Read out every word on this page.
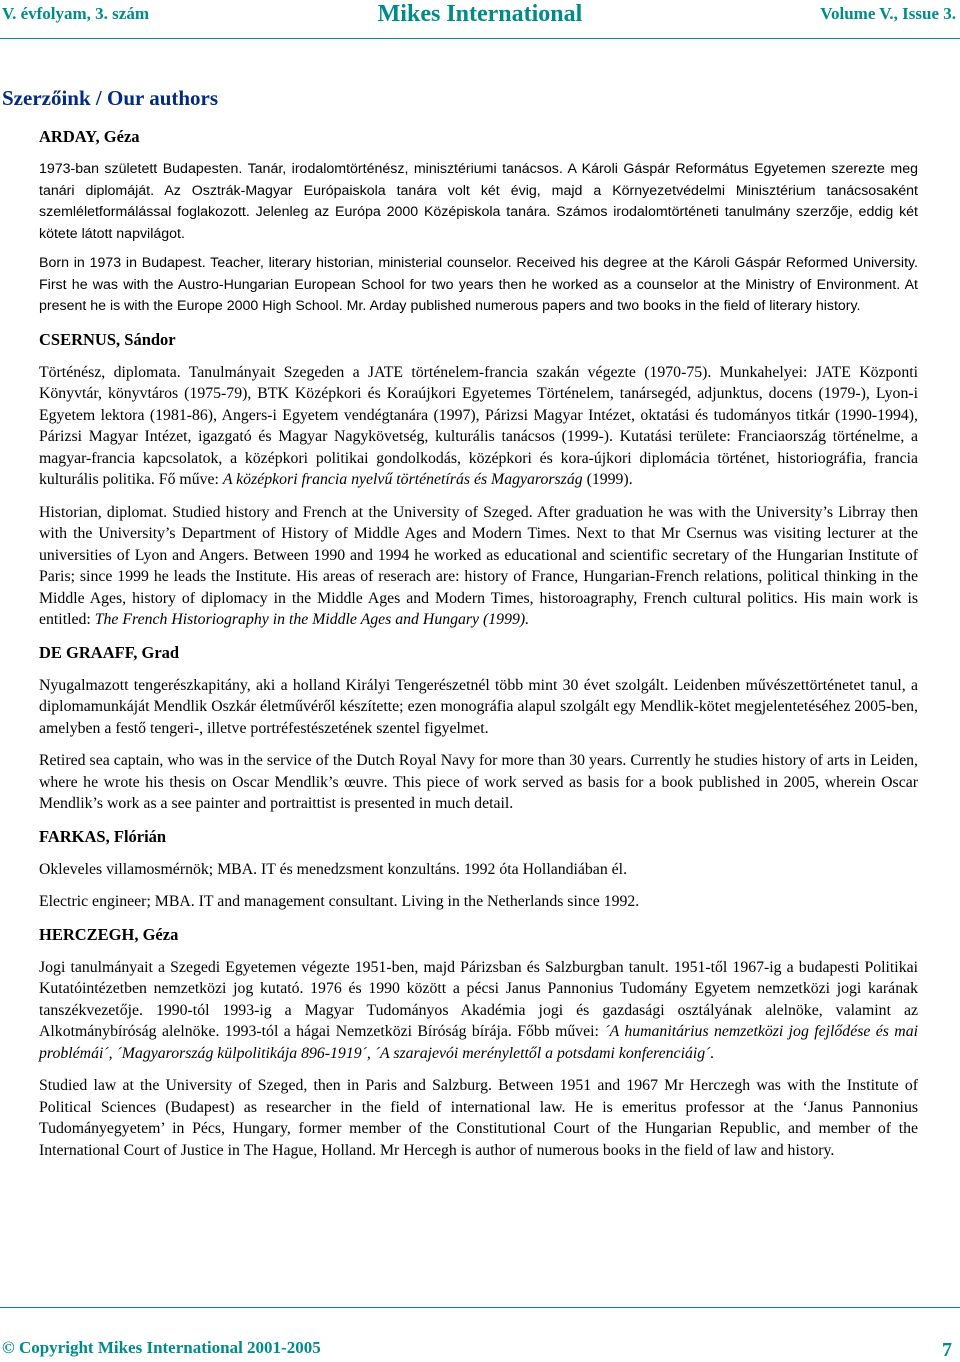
V. évfolyam, 3. szám	Mikes International	Volume V., Issue 3.
Szerzőink / Our authors
ARDAY, Géza

1973-ban született Budapesten. Tanár, irodalomtörténész, minisztériumi tanácsos. A Károli Gáspár Református Egyetemen szerezte meg tanári diplomáját. Az Osztrák-Magyar Európaiskola tanára volt két évig, majd a Környezetvédelmi Minisztérium tanácsosaként szemléletformálással foglakozott. Jelenleg az Európa 2000 Középiskola tanára. Számos irodalomtörténeti tanulmány szerzője, eddig két kötete látott napvilágot.

Born in 1973 in Budapest. Teacher, literary historian, ministerial counselor. Received his degree at the Károli Gáspár Reformed University. First he was with the Austro-Hungarian European School for two years then he worked as a counselor at the Ministry of Environment. At present he is with the Europe 2000 High School. Mr. Arday published numerous papers and two books in the field of literary history.

CSERNUS, Sándor

Történész, diplomata. Tanulmányait Szegeden a JATE történelem-francia szakán végezte (1970-75). Munkahelyei: JATE Központi Könyvtár, könyvtáros (1975-79), BTK Középkori és Koraújkori Egyetemes Történelem, tanársegéd, adjunktus, docens (1979-), Lyon-i Egyetem lektora (1981-86), Angers-i Egyetem vendégtanára (1997), Párizsi Magyar Intézet, oktatási és tudományos titkár (1990-1994), Párizsi Magyar Intézet, igazgató és Magyar Nagykövetség, kulturális tanácsos (1999-). Kutatási területe: Franciaország történelme, a magyar-francia kapcsolatok, a középkori politikai gondolkodás, középkori és kora-újkori diplomácia történet, historiográfia, francia kulturális politika. Fő műve: A középkori francia nyelvű történetírás és Magyarország (1999).

Historian, diplomat. Studied history and French at the University of Szeged. After graduation he was with the University’s Librray then with the University’s Department of History of Middle Ages and Modern Times. Next to that Mr Csernus was visiting lecturer at the universities of Lyon and Angers. Between 1990 and 1994 he worked as educational and scientific secretary of the Hungarian Institute of Paris; since 1999 he leads the Institute. His areas of reserach are: history of France, Hungarian-French relations, political thinking in the Middle Ages, history of diplomacy in the Middle Ages and Modern Times, historoagraphy, French cultural politics. His main work is entitled: The French Historiography in the Middle Ages and Hungary (1999).

DE GRAAFF, Grad

Nyugalmazott tengerészkapitány, aki a holland Királyi Tengerészetnél több mint 30 évet szolgált. Leidenben művészettörténetet tanul, a diplomamunkáját Mendlik Oszkár életművéről készítette; ezen monográfia alapul szolgált egy Mendlik-kötet megjelentetéséhez 2005-ben, amelyben a festő tengeri-, illetve portréfestészetének szentel figyelmet.

Retired sea captain, who was in the service of the Dutch Royal Navy for more than 30 years. Currently he studies history of arts in Leiden, where he wrote his thesis on Oscar Mendlik’s œuvre. This piece of work served as basis for a book published in 2005, wherein Oscar Mendlik’s work as a see painter and portraittist is presented in much detail.

FARKAS, Flórián

Okleveles villamosmérnök; MBA. IT és menedzsment konzultáns. 1992 óta Hollandiában él.

Electric engineer; MBA. IT and management consultant. Living in the Netherlands since 1992.

HERCZEGH, Géza

Jogi tanulmányait a Szegedi Egyetemen végezte 1951-ben, majd Párizsban és Salzburgban tanult. 1951-től 1967-ig a budapesti Politikai Kutatóintézetben nemzetközi jog kutató. 1976 és 1990 között a pécsi Janus Pannonius Tudomány Egyetem nemzetközi jogi karának tanszékvezetője. 1990-tól 1993-ig a Magyar Tudományos Akadémia jogi és gazdasági osztályának alelnöke, valamint az Alkotmánybíróság alelnöke. 1993-tól a hágai Nemzetközi Bíróság bírája. Főbb művei: ´A humanitárius nemzetközi jog fejlődése és mai problémái´, ´Magyarország külpolitikája 896-1919´, ´A szarajevói merénylettől a potsdami konferenciáig´.

Studied law at the University of Szeged, then in Paris and Salzburg. Between 1951 and 1967 Mr Herczegh was with the Institute of Political Sciences (Budapest) as researcher in the field of international law. He is emeritus professor at the ‘Janus Pannonius Tudományegyetem’ in Pécs, Hungary, former member of the Constitutional Court of the Hungarian Republic, and member of the International Court of Justice in The Hague, Holland. Mr Hercegh is author of numerous books in the field of law and history.

© Copyright Mikes International 2001-2005	7
